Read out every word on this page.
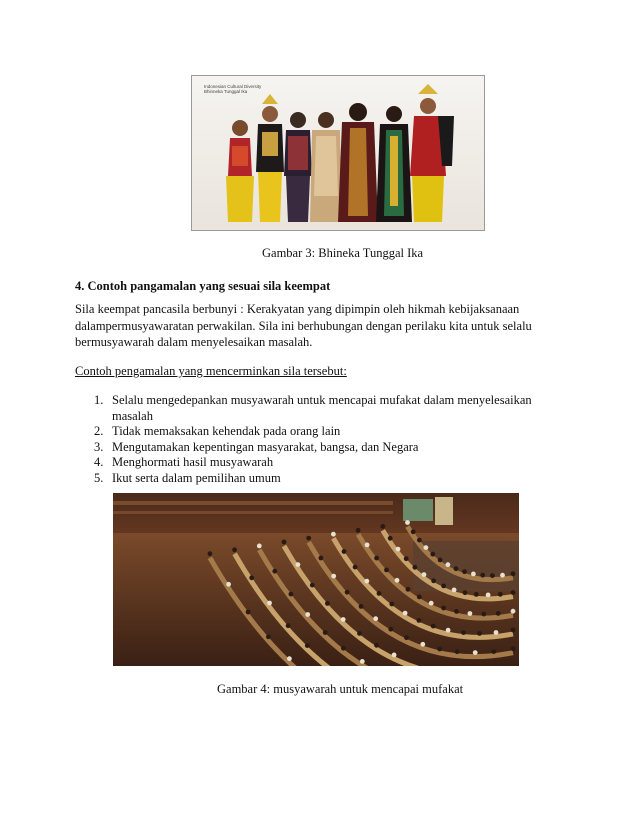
Indonesian Cultural Diversity
Bhinneka Tunggal Ika
Gambar 3: Bhineka Tunggal Ika
4. Contoh pangamalan yang sesuai sila keempat
Sila keempat pancasila berbunyi : Kerakyatan yang dipimpin oleh hikmah kebijaksanaan
dalampermusyawaratan perwakilan. Sila ini berhubungan dengan perilaku kita untuk selalu
bermusyawarah dalam menyelesaikan masalah.
Contoh pengamalan yang mencerminkan sila tersebut:
1. Selalu mengedepankan musyawarah untuk mencapai mufakat dalam menyelesaikan
masalah
2. Tidak memaksakan kehendak pada orang lain
3. Mengutamakan kepentingan masyarakat, bangsa, dan Negara
4. Menghormati hasil musyawarah
5. Ikut serta dalam pemilihan umum
Gambar 4: musyawarah untuk mencapai mufakat
